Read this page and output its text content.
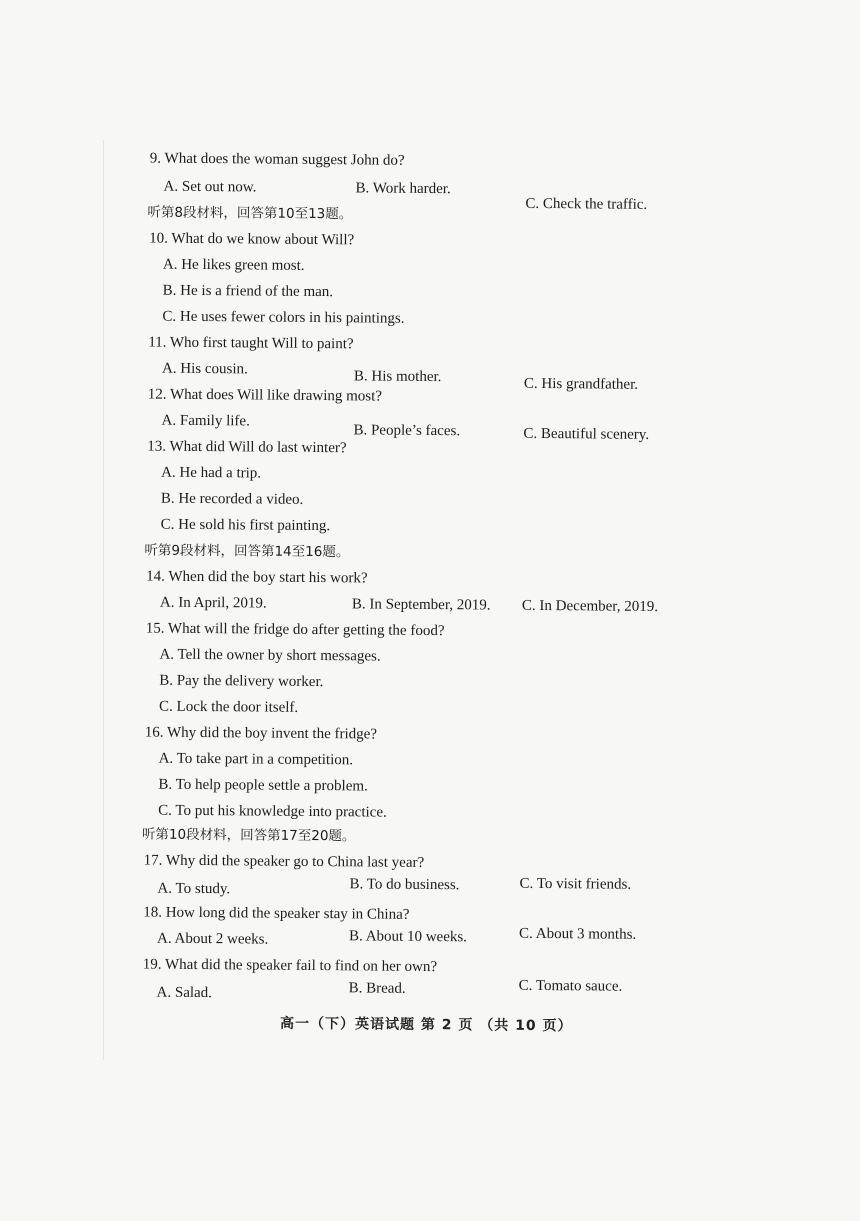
9. What does the woman suggest John do?
A. Set out now.	B. Work harder.
C. Check the traffic.
听第8段材料，回答第10至13题。
10. What do we know about Will?
A. He likes green most.
B. He is a friend of the man.
C. He uses fewer colors in his paintings.
11. Who first taught Will to paint?
A. His cousin.	B. His mother.	C. His grandfather.
12. What does Will like drawing most?
A. Family life.
B. People’s faces.	C. Beautiful scenery.
13. What did Will do last winter?
A. He had a trip.
B. He recorded a video.
C. He sold his first painting.
听第9段材料，回答第14至16题。
14. When did the boy start his work?
A. In April, 2019.	B. In September, 2019. C. In December, 2019.
15. What will the fridge do after getting the food?
A. Tell the owner by short messages.
B. Pay the delivery worker.
C. Lock the door itself.
16. Why did the boy invent the fridge?
A. To take part in a competition.
B. To help people settle a problem.
C. To put his knowledge into practice.
听第10段材料，回答第17至20题。
17. Why did the speaker go to China last year?
A. To study.	B. To do business.	C. To visit friends.
18. How long did the speaker stay in China?
A. About 2 weeks.	B. About 10 weeks.	C. About 3 months.
19. What did the speaker fail to find on her own?
A. Salad.	B. Bread.	C. Tomato sauce.
高一（下）英语试题 第 2 页 （共 10 页）
